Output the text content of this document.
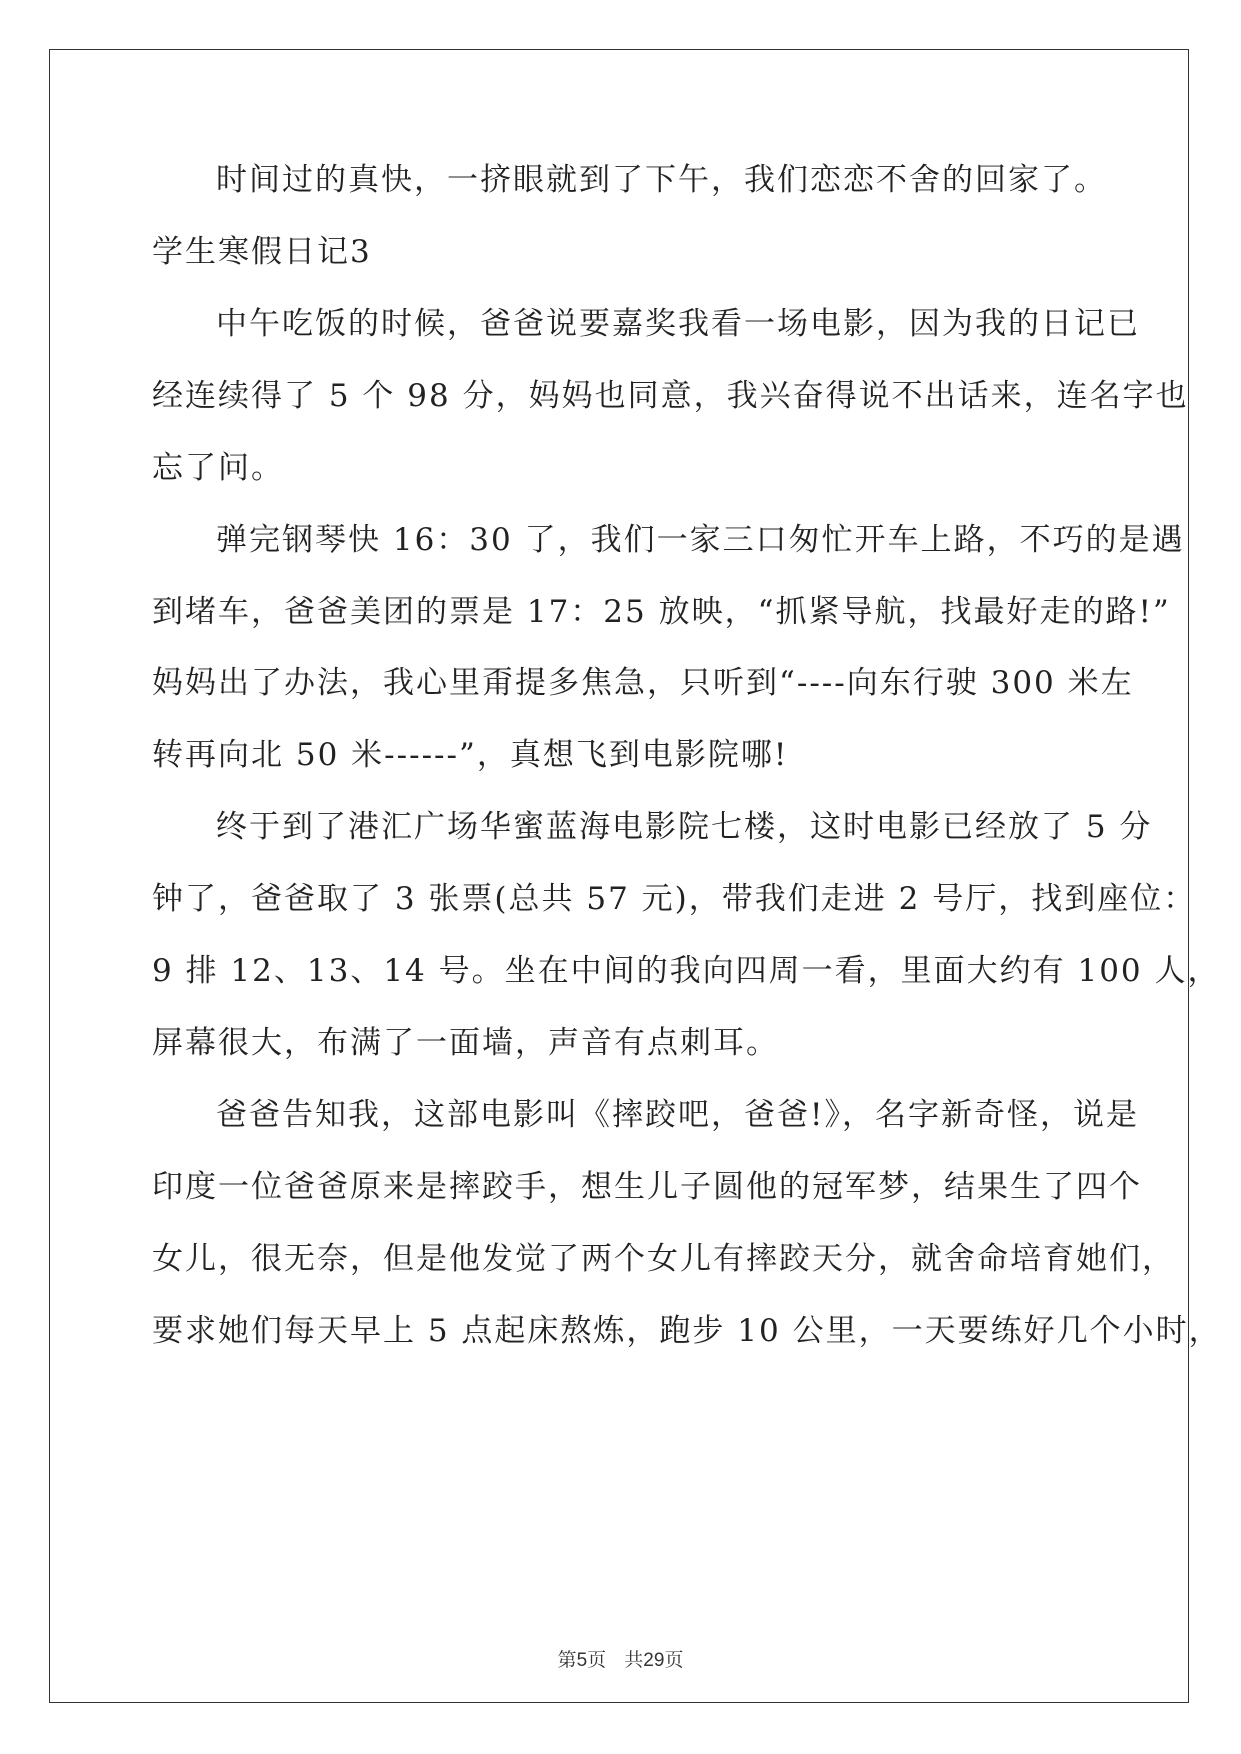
时间过的真快，一挤眼就到了下午，我们恋恋不舍的回家了。
学生寒假日记3
中午吃饭的时候，爸爸说要嘉奖我看一场电影，因为我的日记已
经连续得了 5 个 98 分，妈妈也同意，我兴奋得说不出话来，连名字也
忘了问。
弹完钢琴快 16：30 了，我们一家三口匆忙开车上路，不巧的是遇
到堵车，爸爸美团的票是 17：25 放映，“抓紧导航，找最好走的路!”
妈妈出了办法，我心里甭提多焦急，只听到“----向东行驶 300 米左
转再向北 50 米------”，真想飞到电影院哪!
终于到了港汇广场华蜜蓝海电影院七楼，这时电影已经放了 5 分
钟了，爸爸取了 3 张票(总共 57 元)，带我们走进 2 号厅，找到座位：
9 排 12、13、14 号。坐在中间的我向四周一看，里面大约有 100 人，
屏幕很大，布满了一面墙，声音有点刺耳。
爸爸告知我，这部电影叫《摔跤吧，爸爸!》，名字新奇怪，说是
印度一位爸爸原来是摔跤手，想生儿子圆他的冠军梦，结果生了四个
女儿，很无奈，但是他发觉了两个女儿有摔跤天分，就舍命培育她们，
要求她们每天早上 5 点起床熬炼，跑步 10 公里，一天要练好几个小时，
第5页 共29页
